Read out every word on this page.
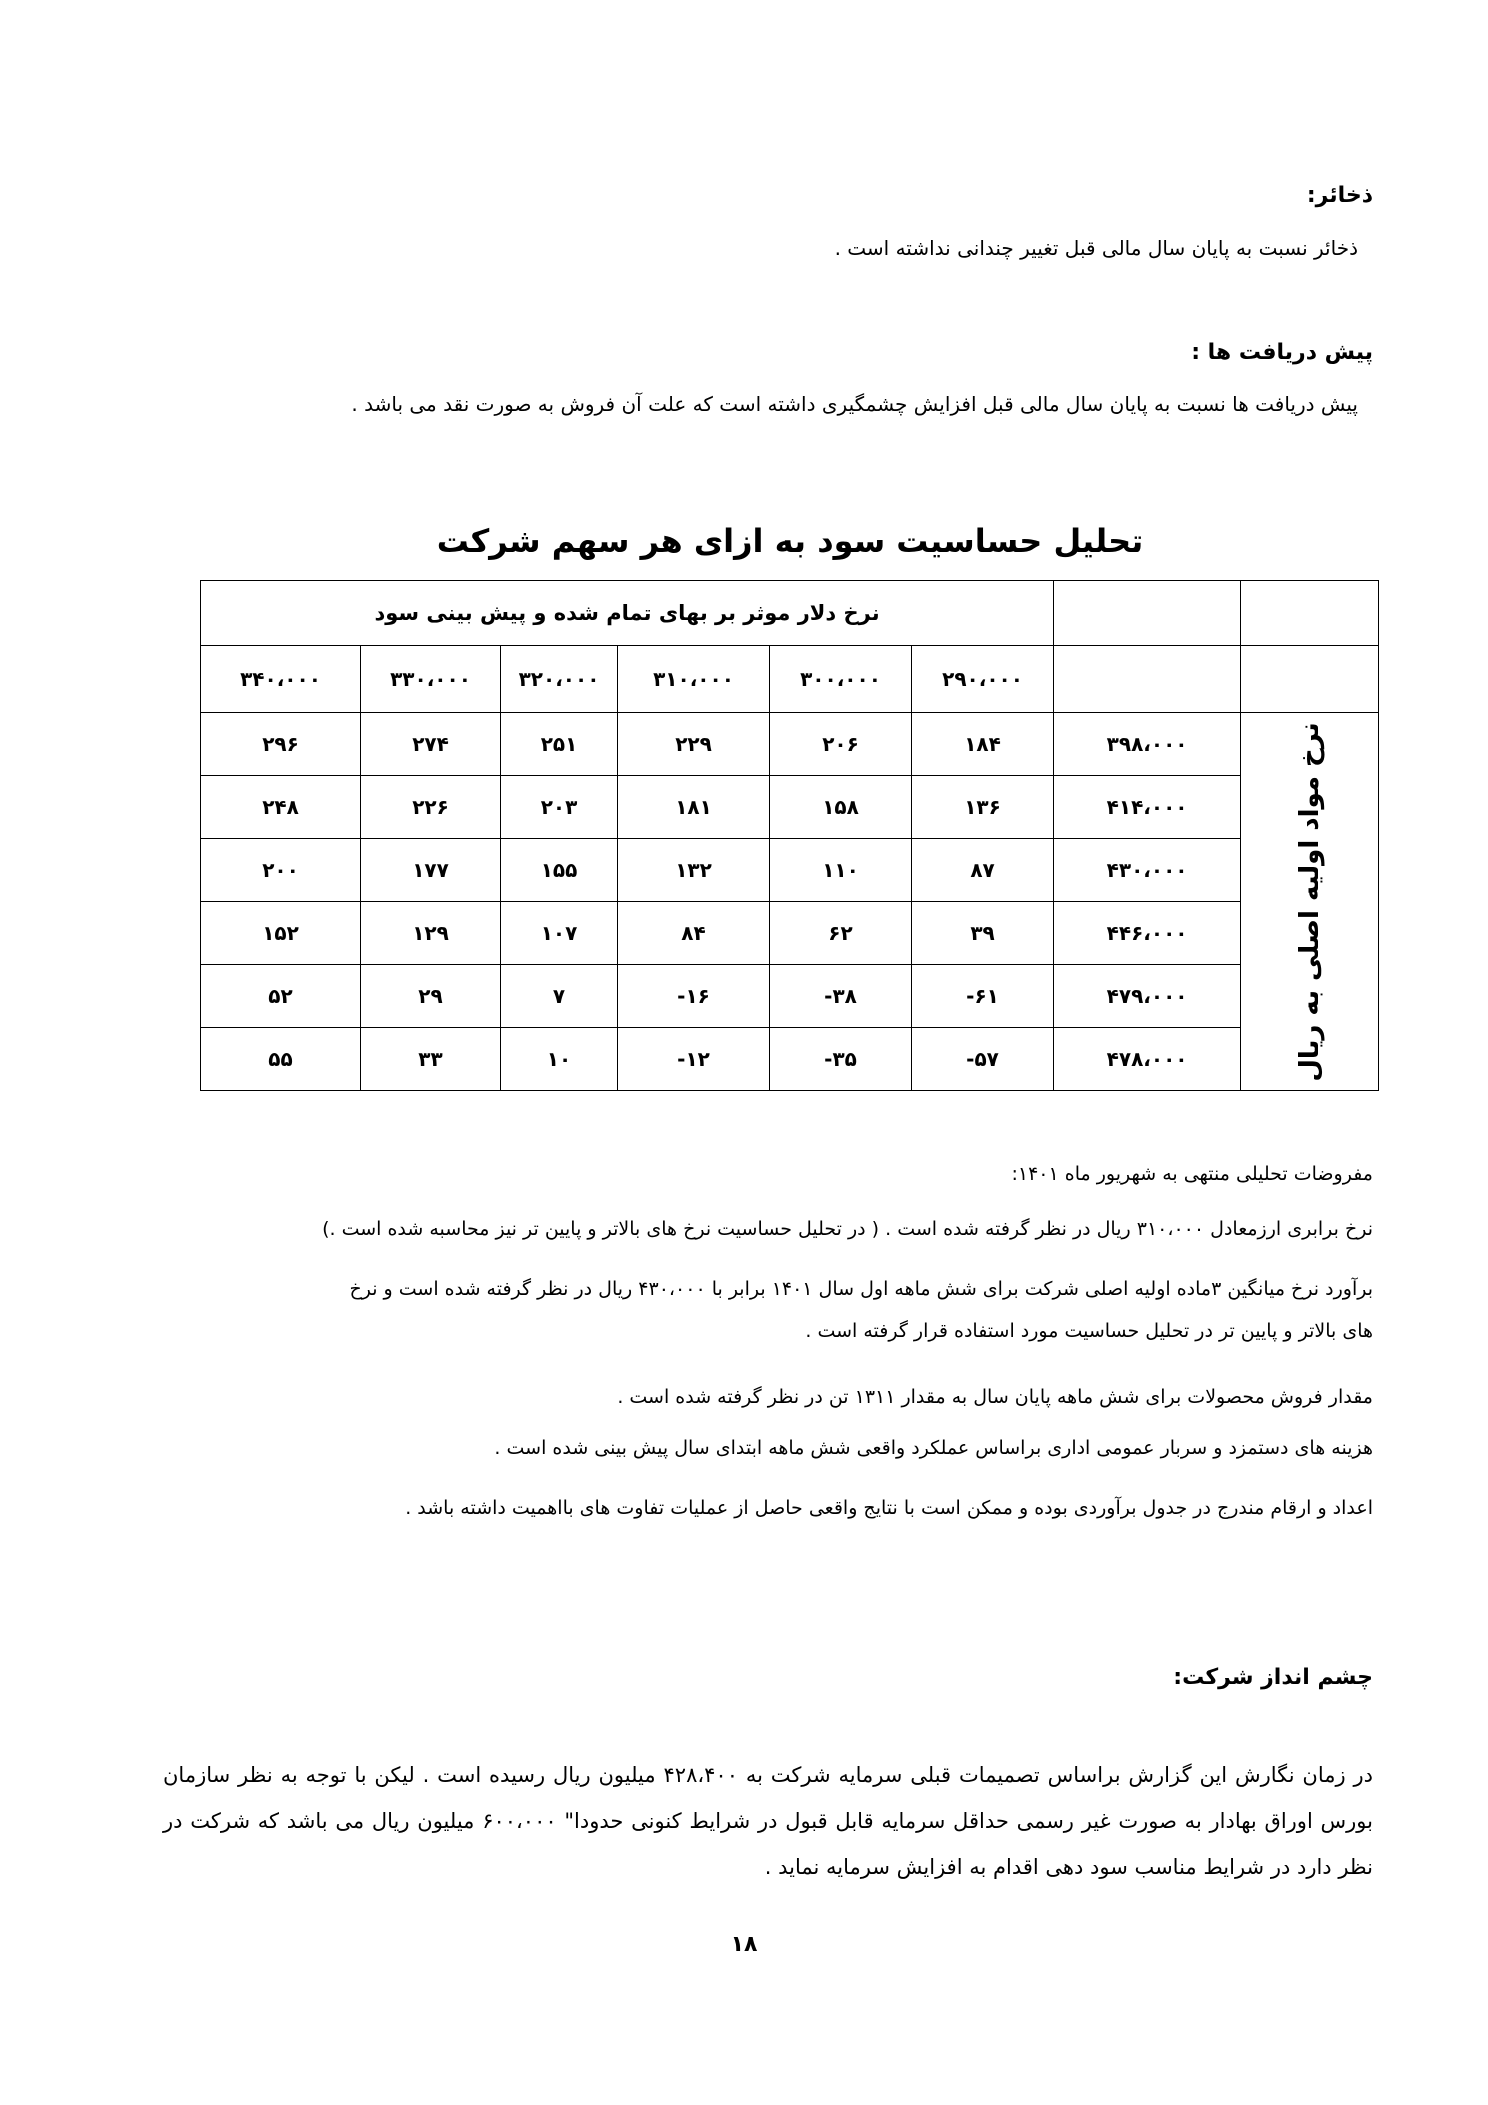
ذخائر:
ذخائر نسبت به پایان سال مالی قبل تغییر چندانی نداشته است .
پیش دریافت ها :
پیش دریافت ها نسبت به پایان سال مالی قبل افزایش چشمگیری داشته است که علت آن فروش به صورت نقد می باشد .
تحلیل حساسیت سود به ازای هر سهم شرکت
نرخ دلار موثر بر بهای تمام شده و پیش بینی سود							
۳۴۰،۰۰۰	۳۳۰،۰۰۰	۳۲۰،۰۰۰	۳۱۰،۰۰۰	۳۰۰،۰۰۰	۲۹۰،۰۰۰		
۲۹۶	۲۷۴	۲۵۱	۲۲۹	۲۰۶	۱۸۴	۳۹۸،۰۰۰	نرخ مواد اولیه اصلی به ریال

۲۴۸	۲۲۶	۲۰۳	۱۸۱	۱۵۸	۱۳۶	۴۱۴،۰۰۰	
۲۰۰	۱۷۷	۱۵۵	۱۳۲	۱۱۰	۸۷	۴۳۰،۰۰۰	
۱۵۲	۱۲۹	۱۰۷	۸۴	۶۲	۳۹	۴۴۶،۰۰۰	
۵۲	۲۹	۷	-۱۶	-۳۸	-۶۱	۴۷۹،۰۰۰	
۵۵	۳۳	۱۰	-۱۲	-۳۵	-۵۷	۴۷۸،۰۰۰	
مفروضات تحلیلی منتهی به شهریور ماه ۱۴۰۱:
نرخ برابری ارزمعادل ۳۱۰،۰۰۰ ریال در نظر گرفته شده است . ( در تحلیل حساسیت نرخ های بالاتر و پایین تر نیز محاسبه شده است .)
برآورد نرخ میانگین ۳ماده اولیه اصلی شرکت برای شش ماهه اول سال ۱۴۰۱ برابر با ۴۳۰،۰۰۰ ریال در نظر گرفته شده است و نرخ
های بالاتر و پایین تر در تحلیل حساسیت مورد استفاده قرار گرفته است .
مقدار فروش محصولات برای شش ماهه پایان سال به مقدار ۱۳۱۱ تن در نظر گرفته شده است .
هزینه های دستمزد و سربار عمومی اداری براساس عملکرد واقعی شش ماهه ابتدای سال پیش بینی شده است .
اعداد و ارقام مندرج در جدول برآوردی بوده و ممکن است با نتایج واقعی حاصل از عملیات تفاوت های بااهمیت داشته باشد .
چشم انداز شرکت:
در زمان نگارش این گزارش براساس تصمیمات قبلی سرمایه شرکت به ۴۲۸،۴۰۰ میلیون ریال رسیده است . لیکن با توجه به نظر سازمان بورس اوراق بهادار به صورت غیر رسمی حداقل سرمایه قابل قبول در شرایط کنونی حدودا" ۶۰۰،۰۰۰ میلیون ریال می باشد که شرکت در نظر دارد در شرایط مناسب سود دهی اقدام به افزایش سرمایه نماید .
۱۸
